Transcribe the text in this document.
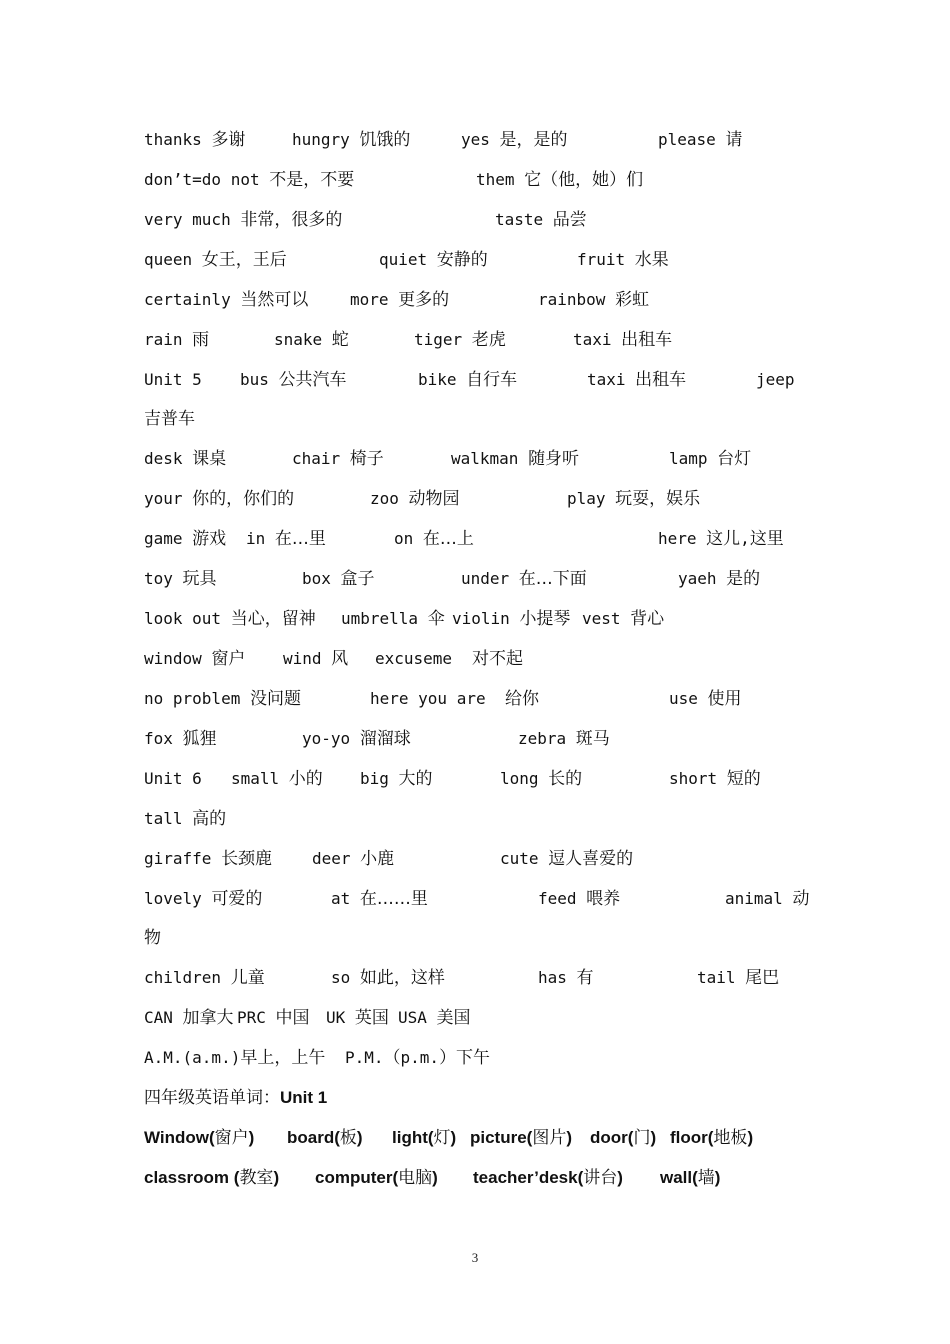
thanks 多谢	hungry 饥饿的	yes 是，是的	please 请
don’t=do not 不是，不要	them 它（他，她）们
very much 非常，很多的	taste 品尝
queen 女王，王后	quiet 安静的	fruit 水果
certainly 当然可以	more 更多的	rainbow 彩虹
rain 雨	snake 蛇	tiger 老虎	taxi 出租车
Unit 5 bus 公共汽车	bike 自行车	taxi 出租车	jeep
吉普车
desk 课桌	chair 椅子	walkman 随身听	lamp 台灯
your 你的，你们的	zoo 动物园	play 玩耍，娱乐
game 游戏 in 在…里	on 在…上	here 这儿,这里
toy 玩具	box 盒子	under 在…下面	yaeh 是的
look out 当心，留神 umbrella 伞 violin 小提琴 vest 背心
window 窗户 wind 风 excuseme 对不起
no problem 没问题	here you are 给你	use 使用
fox 狐狸	yo-yo 溜溜球	zebra 斑马
Unit 6 small 小的 big 大的	long 长的	short 短的
tall 高的
giraffe 长颈鹿 deer 小鹿	cute 逗人喜爱的
lovely 可爱的	at 在……里	feed 喂养	animal 动
物
children 儿童	so 如此，这样	has 有	tail 尾巴
CAN 加拿大 PRC 中国 UK 英国 USA 美国
A.M.(a.m.)早上，上午 P.M.（p.m.）下午
四年级英语单词：Unit 1
Window(窗户) board(板) light(灯) picture(图片) door(门) floor(地板)
classroom (教室) computer(电脑) teacher’desk(讲台) wall(墙)
3
